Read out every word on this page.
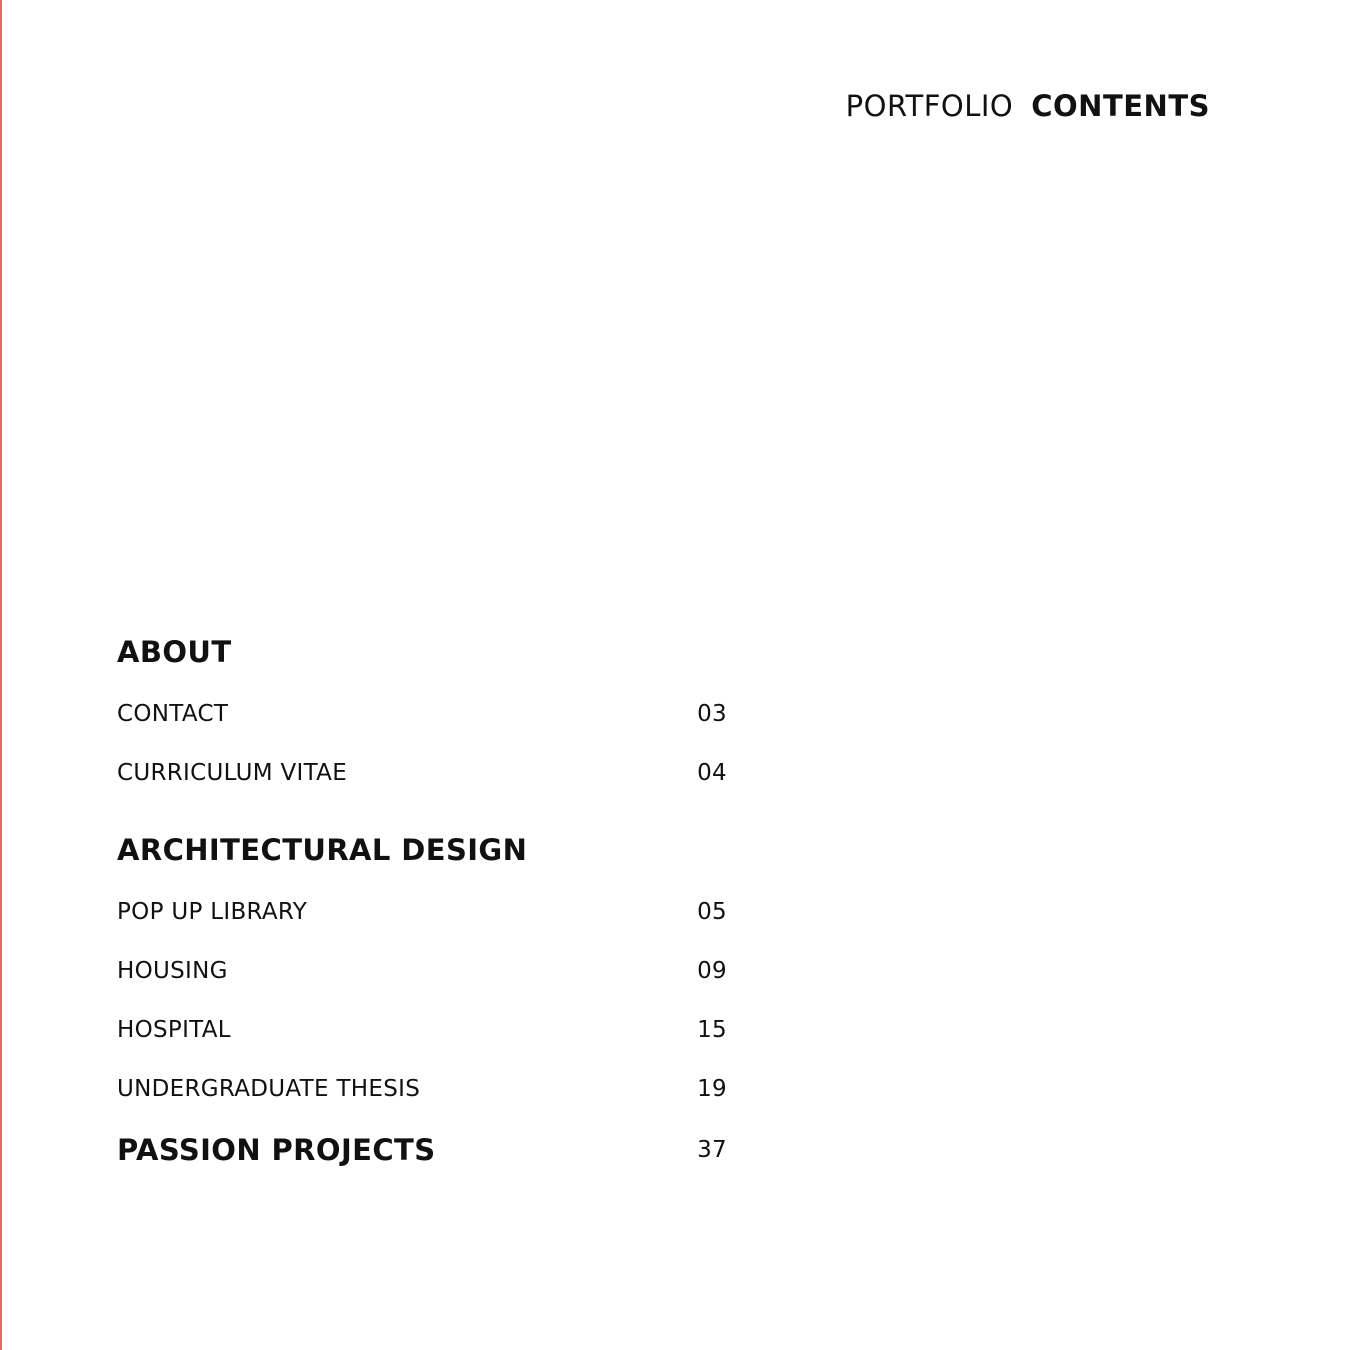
PORTFOLIO CONTENTS
ABOUT
CONTACT	03
CURRICULUM VITAE	04
ARCHITECTURAL DESIGN
POP UP LIBRARY	05
HOUSING	09
HOSPITAL	15
UNDERGRADUATE THESIS	19
PASSION PROJECTS	37
